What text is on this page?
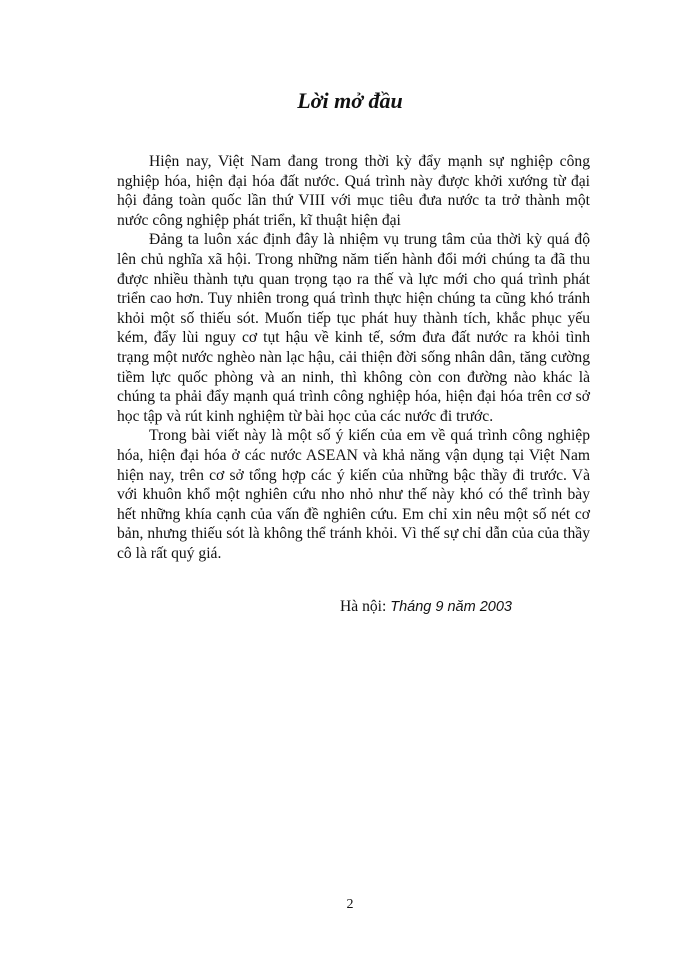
Lời mở đầu

Hiện nay, Việt Nam đang trong thời kỳ đẩy mạnh sự nghiệp công nghiệp hóa, hiện đại hóa đất nước. Quá trình này được khởi xướng từ đại hội đảng toàn quốc lần thứ VIII với mục tiêu đưa nước ta trở thành một nước công nghiệp phát triển, kĩ thuật hiện đại

Đảng ta luôn xác định đây là nhiệm vụ trung tâm của thời kỳ quá độ lên chủ nghĩa xã hội. Trong những năm tiến hành đổi mới chúng ta đã thu được nhiều thành tựu quan trọng tạo ra thế và lực mới cho quá trình phát triển cao hơn. Tuy nhiên trong quá trình thực hiện chúng ta cũng khó tránh khỏi một số thiếu sót. Muốn tiếp tục phát huy thành tích, khắc phục yếu kém, đẩy lùi nguy cơ tụt hậu về kinh tế, sớm đưa đất nước ra khỏi tình trạng một nước nghèo nàn lạc hậu, cải thiện đời sống nhân dân, tăng cường tiềm lực quốc phòng và an ninh, thì không còn con đường nào khác là chúng ta phải đẩy mạnh quá trình công nghiệp hóa, hiện đại hóa trên cơ sở học tập và rút kinh nghiệm từ bài học của các nước đi trước.

Trong bài viết này là một số ý kiến của em về quá trình công nghiệp hóa, hiện đại hóa ở các nước ASEAN và khả năng vận dụng tại Việt Nam hiện nay, trên cơ sở tổng hợp các ý kiến của những bậc thầy đi trước. Và với khuôn khổ một nghiên cứu nho nhỏ như thế này khó có thể trình bày hết những khía cạnh của vấn đề nghiên cứu. Em chỉ xin nêu một số nét cơ bản, nhưng thiếu sót là không thể tránh khỏi. Vì thế sự chỉ dẫn của của thầy cô là rất quý giá.

Hà nội: Tháng 9 năm 2003
2
